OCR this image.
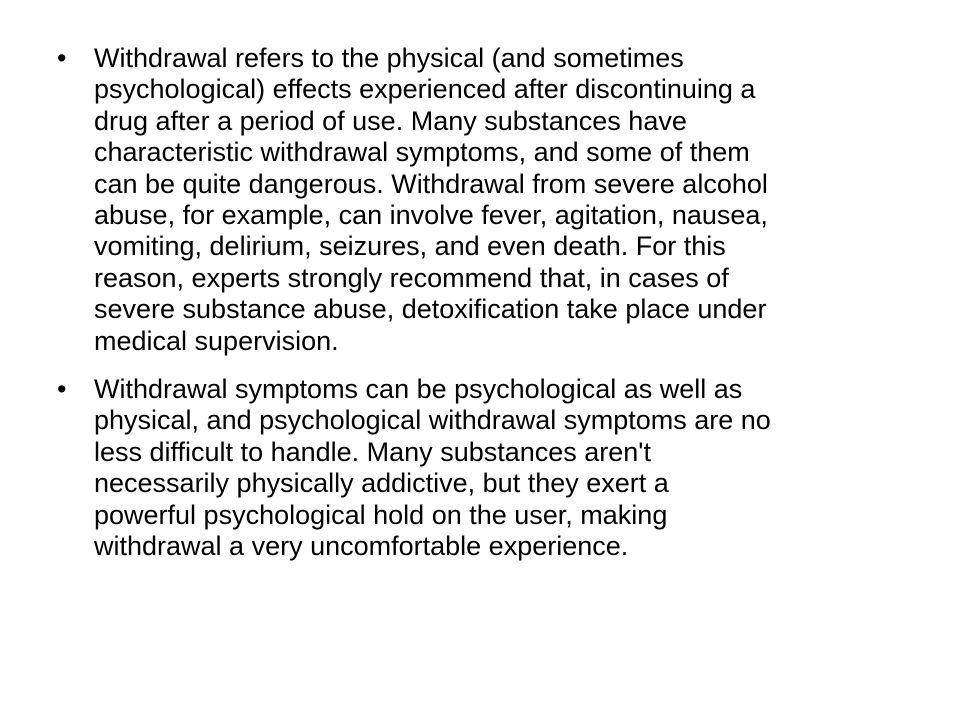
• Withdrawal refers to the physical (and sometimes
psychological) effects experienced after discontinuing a
drug after a period of use. Many substances have
characteristic withdrawal symptoms, and some of them
can be quite dangerous. Withdrawal from severe alcohol
abuse, for example, can involve fever, agitation, nausea,
vomiting, delirium, seizures, and even death. For this
reason, experts strongly recommend that, in cases of
severe substance abuse, detoxification take place under
medical supervision.
• Withdrawal symptoms can be psychological as well as
physical, and psychological withdrawal symptoms are no
less difficult to handle. Many substances aren't
necessarily physically addictive, but they exert a
powerful psychological hold on the user, making
withdrawal a very uncomfortable experience.
